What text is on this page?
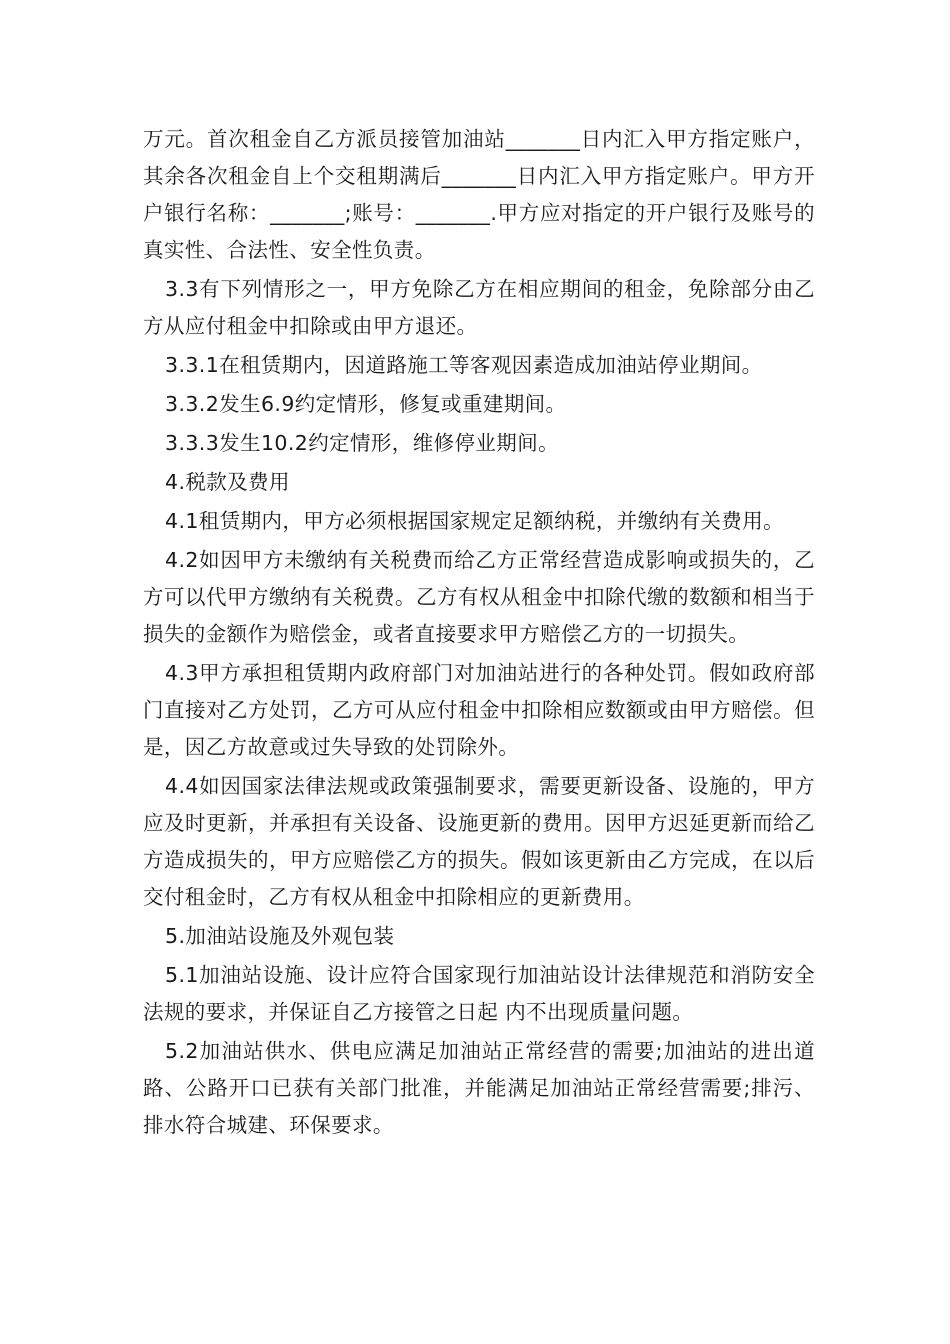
万元。首次租金自乙方派员接管加油站_______日内汇入甲方指定账户，其余各次租金自上个交租期满后_______日内汇入甲方指定账户。甲方开户银行名称：_______;账号：_______.甲方应对指定的开户银行及账号的真实性、合法性、安全性负责。

3.3有下列情形之一，甲方免除乙方在相应期间的租金，免除部分由乙方从应付租金中扣除或由甲方退还。

3.3.1在租赁期内，因道路施工等客观因素造成加油站停业期间。

3.3.2发生6.9约定情形，修复或重建期间。

3.3.3发生10.2约定情形，维修停业期间。

4.税款及费用

4.1租赁期内，甲方必须根据国家规定足额纳税，并缴纳有关费用。

4.2如因甲方未缴纳有关税费而给乙方正常经营造成影响或损失的，乙方可以代甲方缴纳有关税费。乙方有权从租金中扣除代缴的数额和相当于损失的金额作为赔偿金，或者直接要求甲方赔偿乙方的一切损失。

4.3甲方承担租赁期内政府部门对加油站进行的各种处罚。假如政府部门直接对乙方处罚，乙方可从应付租金中扣除相应数额或由甲方赔偿。但是，因乙方故意或过失导致的处罚除外。

4.4如因国家法律法规或政策强制要求，需要更新设备、设施的，甲方应及时更新，并承担有关设备、设施更新的费用。因甲方迟延更新而给乙方造成损失的，甲方应赔偿乙方的损失。假如该更新由乙方完成，在以后交付租金时，乙方有权从租金中扣除相应的更新费用。

5.加油站设施及外观包装

5.1加油站设施、设计应符合国家现行加油站设计法律规范和消防安全法规的要求，并保证自乙方接管之日起 内不出现质量问题。

5.2加油站供水、供电应满足加油站正常经营的需要;加油站的进出道路、公路开口已获有关部门批准，并能满足加油站正常经营需要;排污、排水符合城建、环保要求。
